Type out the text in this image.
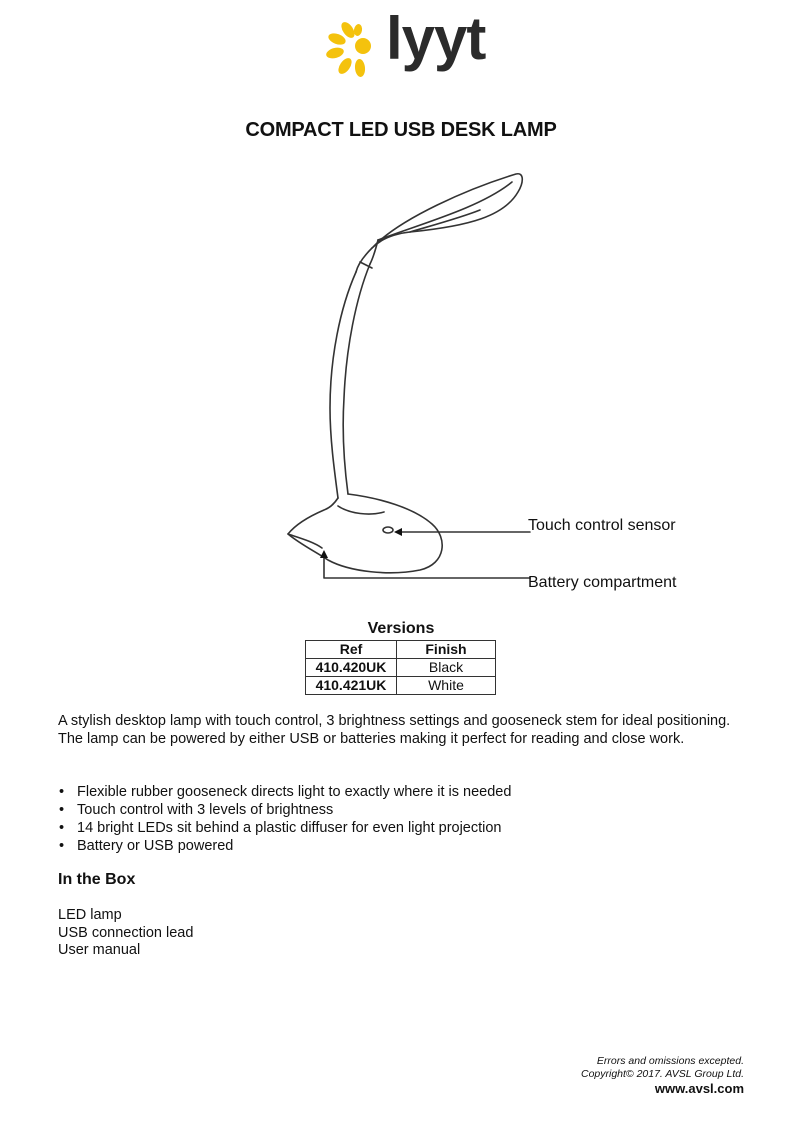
lyyt
COMPACT LED USB DESK LAMP
Touch control sensor
Battery compartment
Versions
Ref	Finish
410.420UK	Black
410.421UK	White
A stylish desktop lamp with touch control, 3 brightness settings and gooseneck stem for ideal positioning. The lamp can be powered by either USB or batteries making it perfect for reading and close work.
• Flexible rubber gooseneck directs light to exactly where it is needed
• Touch control with 3 levels of brightness
• 14 bright LEDs sit behind a plastic diffuser for even light projection
• Battery or USB powered
In the Box
LED lamp
USB connection lead
User manual
Errors and omissions excepted.
Copyright© 2017. AVSL Group Ltd.
www.avsl.com
